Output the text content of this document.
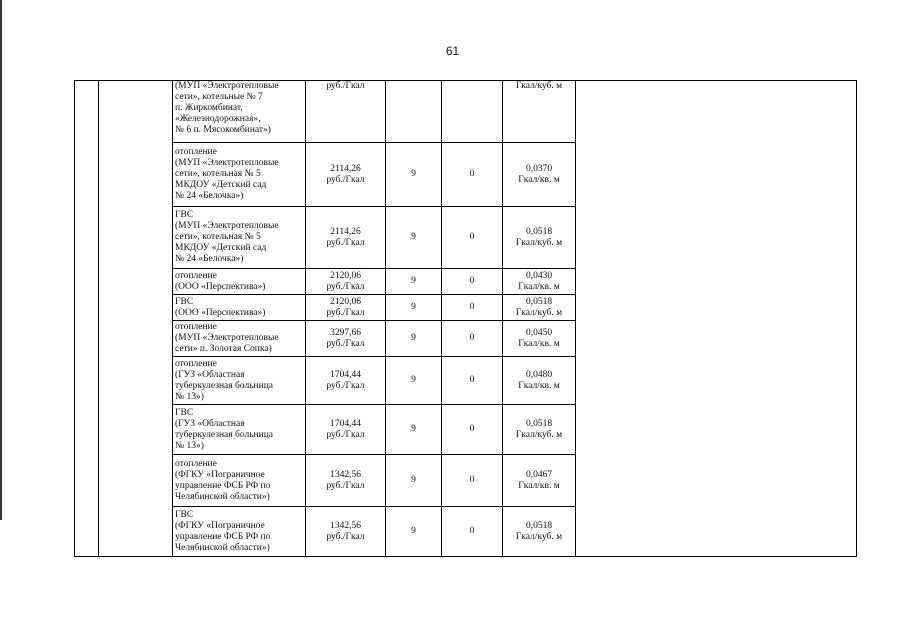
61

		(МУП «Электротепловые
сети», котельные № 7
п. Жиркомбинат,
«Железнодорожная»,
№ 6 п. Мясокомбинат»)	руб./Гкал			Гкал/куб. м	

		отопление
(МУП «Электротепловые
сети», котельная № 5
МКДОУ «Детский сад
№ 24 «Белочка»)	2114,26
руб./Гкал	9	0	0,0370
Гкал/кв. м	

		ГВС
(МУП «Электротепловые
сети», котельная № 5
МКДОУ «Детский сад
№ 24 «Белочка»)	2114,26
руб./Гкал	9	0	0,0518
Гкал/куб. м	

		отопление
(ООО «Перспектива»)	2120,06
руб./Гкал	9	0	0,0430
Гкал/кв. м	

		ГВС
(ООО «Перспектива»)	2120,06
руб./Гкал	9	0	0,0518
Гкал/куб. м	

		отопление
(МУП «Электротепловые
сети» п. Золотая Сопка)	3297,66
руб./Гкал	9	0	0,0450
Гкал/кв. м	

		отопление
(ГУЗ «Областная
туберкулезная больница
№ 13»)	1704,44
руб./Гкал	9	0	0,0480
Гкал/кв. м	

		ГВС
(ГУЗ «Областная
туберкулезная больница
№ 13»)	1704,44
руб./Гкал	9	0	0,0518
Гкал/куб. м	

		отопление
(ФГКУ «Пограничное
управление ФСБ РФ по
Челябинской области»)	1342,56
руб./Гкал	9	0	0,0467
Гкал/кв. м	

		ГВС
(ФГКУ «Пограничное
управление ФСБ РФ по
Челябинской области»)	1342,56
руб./Гкал	9	0	0,0518
Гкал/куб. м	
